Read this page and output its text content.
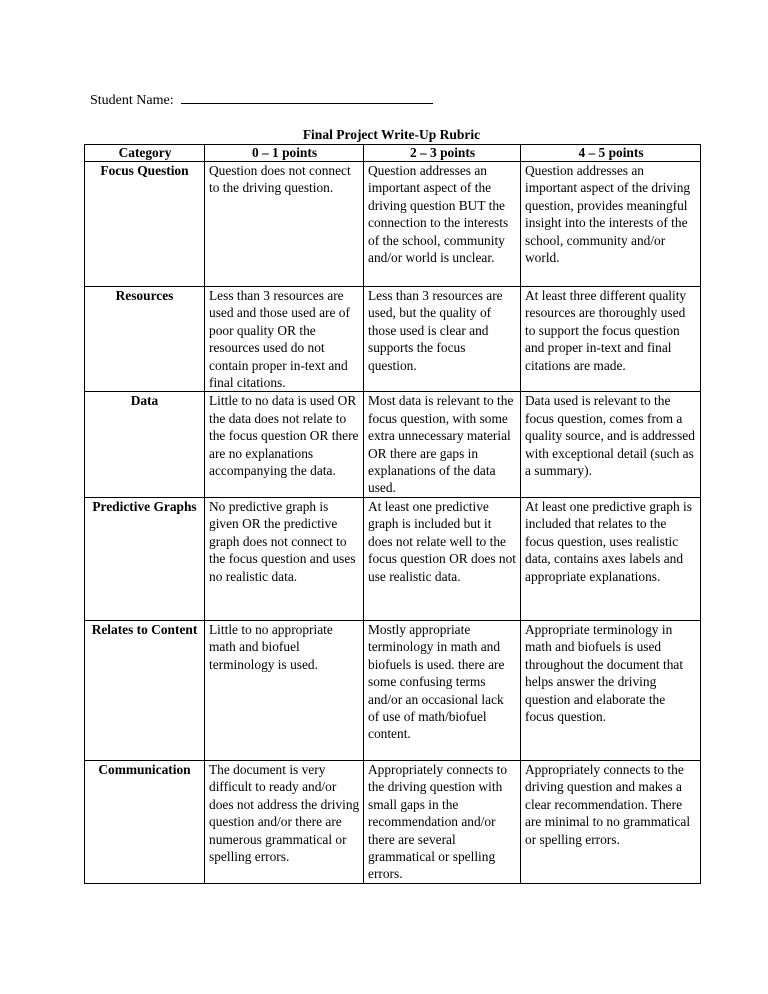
Student Name:
Final Project Write-Up Rubric
Category	0 – 1 points	2 – 3 points	4 – 5 points
Focus Question	Question does not connect to the driving question.	Question addresses an important aspect of the driving question BUT the connection to the interests of the school, community and/or world is unclear.	Question addresses an important aspect of the driving question, provides meaningful insight into the interests of the school, community and/or world.
Resources	Less than 3 resources are used and those used are of poor quality OR the resources used do not contain proper in-text and final citations.	Less than 3 resources are used, but the quality of those used is clear and supports the focus question.	At least three different quality resources are thoroughly used to support the focus question and proper in-text and final citations are made.
Data	Little to no data is used OR the data does not relate to the focus question OR there are no explanations accompanying the data.	Most data is relevant to the focus question, with some extra unnecessary material OR there are gaps in explanations of the data used.	Data used is relevant to the focus question, comes from a quality source, and is addressed with exceptional detail (such as a summary).
Predictive Graphs	No predictive graph is given OR the predictive graph does not connect to the focus question and uses no realistic data.	At least one predictive graph is included but it does not relate well to the focus question OR does not use realistic data.	At least one predictive graph is included that relates to the focus question, uses realistic data, contains axes labels and appropriate explanations.
Relates to Content	Little to no appropriate math and biofuel terminology is used.	Mostly appropriate terminology in math and biofuels is used. there are some confusing terms and/or an occasional lack of use of math/biofuel content.	Appropriate terminology in math and biofuels is used throughout the document that helps answer the driving question and elaborate the focus question.
Communication	The document is very difficult to ready and/or does not address the driving question and/or there are numerous grammatical or spelling errors.	Appropriately connects to the driving question with small gaps in the recommendation and/or there are several grammatical or spelling errors.	Appropriately connects to the driving question and makes a clear recommendation. There are minimal to no grammatical or spelling errors.
